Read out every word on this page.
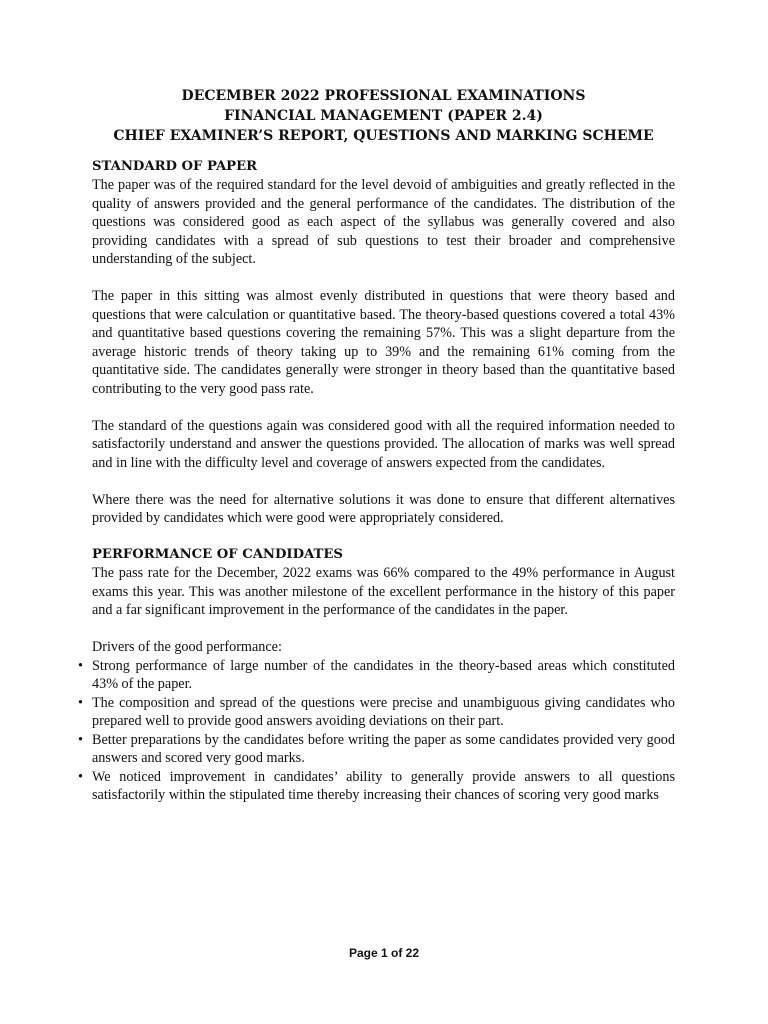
DECEMBER 2022 PROFESSIONAL EXAMINATIONS
FINANCIAL MANAGEMENT (PAPER 2.4)
CHIEF EXAMINER’S REPORT, QUESTIONS AND MARKING SCHEME
STANDARD OF PAPER

The paper was of the required standard for the level devoid of ambiguities and greatly reflected in the quality of answers provided and the general performance of the candidates. The distribution of the questions was considered good as each aspect of the syllabus was generally covered and also providing candidates with a spread of sub questions to test their broader and comprehensive understanding of the subject.

The paper in this sitting was almost evenly distributed in questions that were theory based and questions that were calculation or quantitative based. The theory-based questions covered a total 43% and quantitative based questions covering the remaining 57%. This was a slight departure from the average historic trends of theory taking up to 39% and the remaining 61% coming from the quantitative side. The candidates generally were stronger in theory based than the quantitative based contributing to the very good pass rate.

The standard of the questions again was considered good with all the required information needed to satisfactorily understand and answer the questions provided. The allocation of marks was well spread and in line with the difficulty level and coverage of answers expected from the candidates.

Where there was the need for alternative solutions it was done to ensure that different alternatives provided by candidates which were good were appropriately considered.

PERFORMANCE OF CANDIDATES

The pass rate for the December, 2022 exams was 66% compared to the 49% performance in August exams this year. This was another milestone of the excellent performance in the history of this paper and a far significant improvement in the performance of the candidates in the paper.

Drivers of the good performance:

• Strong performance of large number of the candidates in the theory-based areas which constituted 43% of the paper.
• The composition and spread of the questions were precise and unambiguous giving candidates who prepared well to provide good answers avoiding deviations on their part.
• Better preparations by the candidates before writing the paper as some candidates provided very good answers and scored very good marks.
• We noticed improvement in candidates’ ability to generally provide answers to all questions satisfactorily within the stipulated time thereby increasing their chances of scoring very good marks
Page 1 of 22
